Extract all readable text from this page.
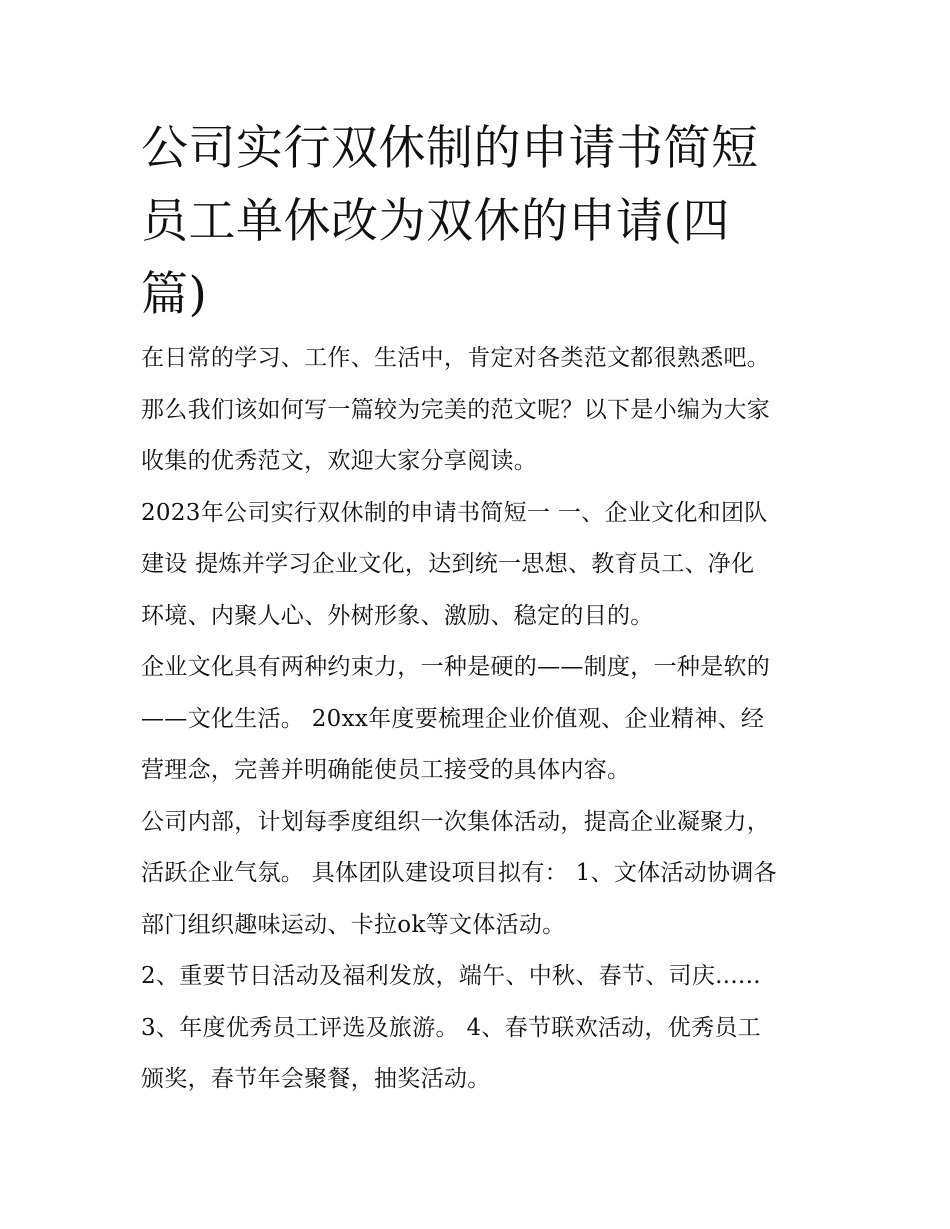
公司实行双休制的申请书简短
员工单休改为双休的申请(四
篇)
在日常的学习、工作、生活中，肯定对各类范文都很熟悉吧。
那么我们该如何写一篇较为完美的范文呢？以下是小编为大家
收集的优秀范文，欢迎大家分享阅读。
2023年公司实行双休制的申请书简短一 一、企业文化和团队
建设 提炼并学习企业文化，达到统一思想、教育员工、净化
环境、内聚人心、外树形象、激励、稳定的目的。
企业文化具有两种约束力，一种是硬的——制度，一种是软的
——文化生活。 20xx年度要梳理企业价值观、企业精神、经
营理念，完善并明确能使员工接受的具体内容。
公司内部，计划每季度组织一次集体活动，提高企业凝聚力，
活跃企业气氛。 具体团队建设项目拟有： 1、文体活动协调各
部门组织趣味运动、卡拉ok等文体活动。
2、重要节日活动及福利发放，端午、中秋、春节、司庆......
3、年度优秀员工评选及旅游。 4、春节联欢活动，优秀员工
颁奖，春节年会聚餐，抽奖活动。
